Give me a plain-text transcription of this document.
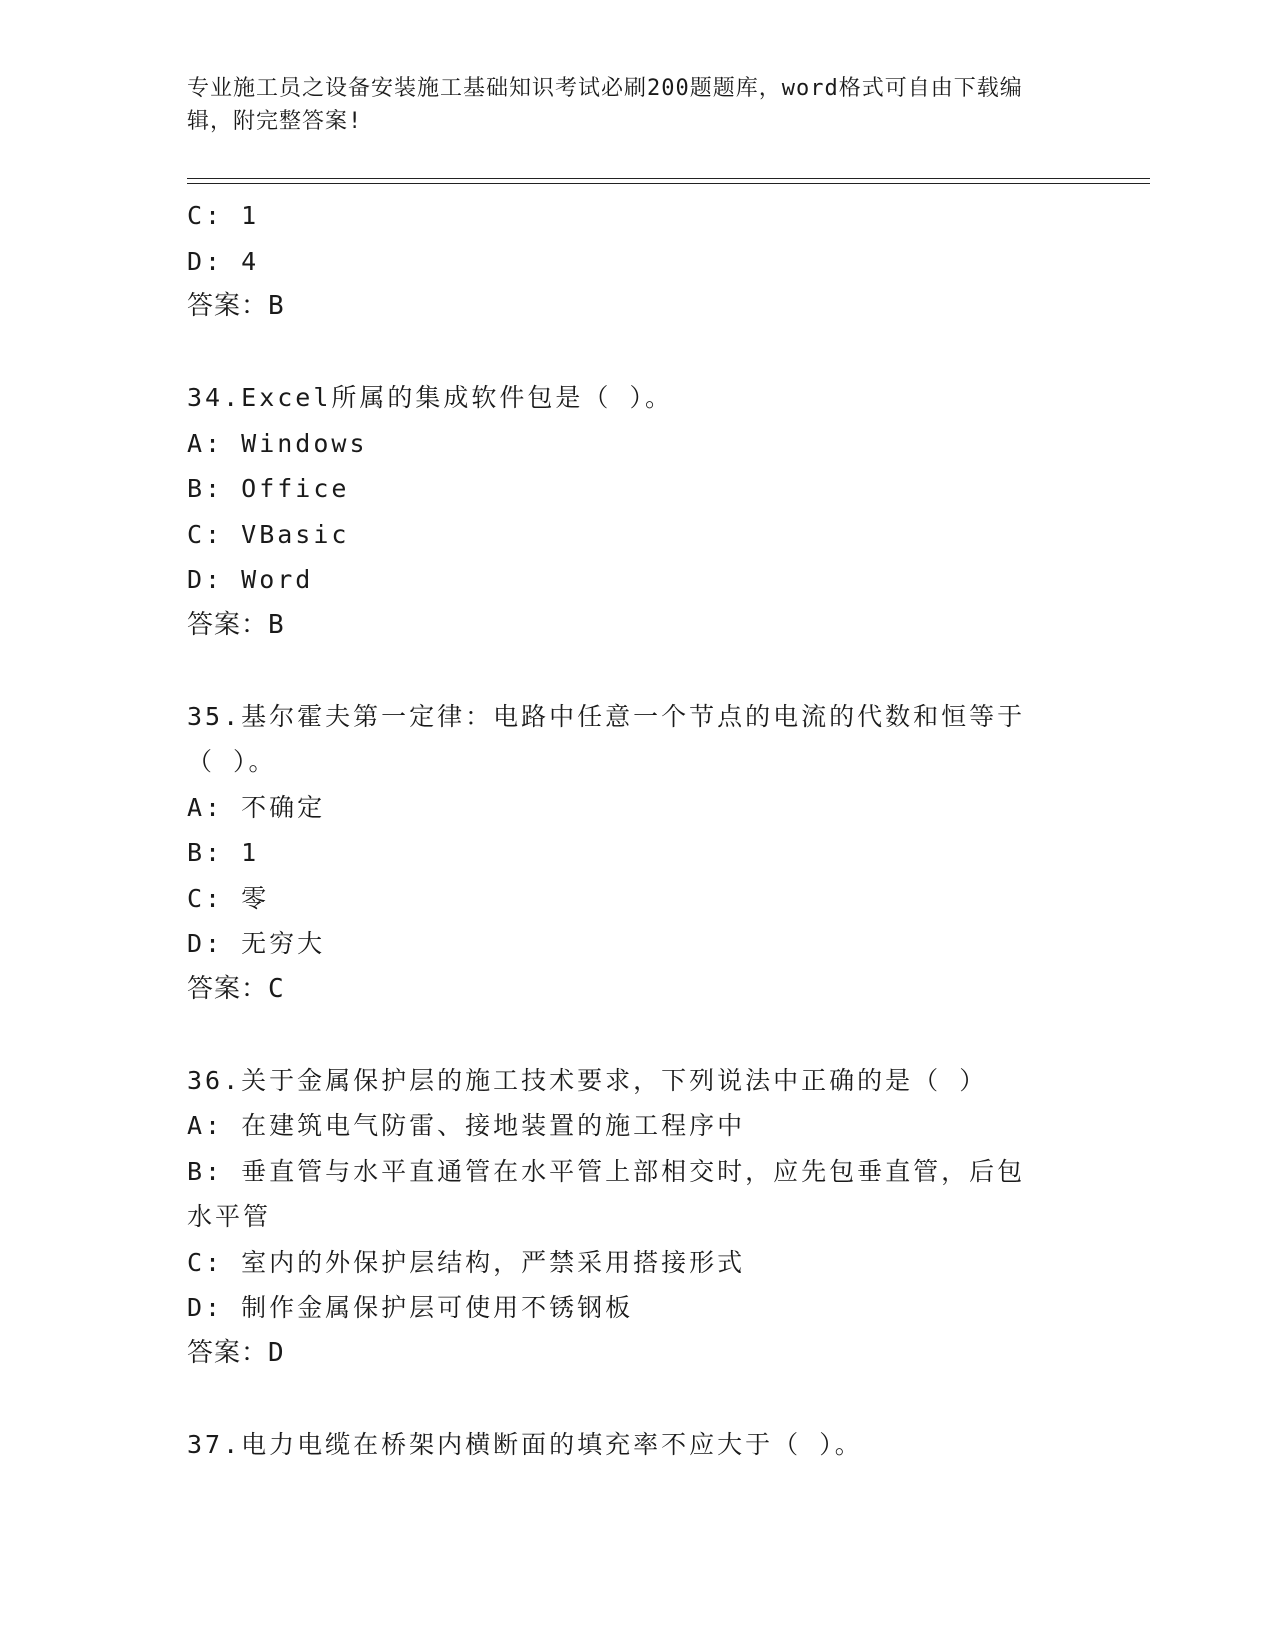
专业施工员之设备安装施工基础知识考试必刷200题题库，word格式可自由下载编辑，附完整答案!
C: 1
D: 4
答案：B
34.Excel所属的集成软件包是（ ）。
A: Windows
B: Office
C: VBasic
D: Word
答案：B
35.基尔霍夫第一定律：电路中任意一个节点的电流的代数和恒等于（ ）。
A: 不确定
B: 1
C: 零
D: 无穷大
答案：C
36.关于金属保护层的施工技术要求，下列说法中正确的是（ ）
A: 在建筑电气防雷、接地装置的施工程序中
B: 垂直管与水平直通管在水平管上部相交时，应先包垂直管，后包水平管
C: 室内的外保护层结构，严禁采用搭接形式
D: 制作金属保护层可使用不锈钢板
答案：D
37.电力电缆在桥架内横断面的填充率不应大于（ ）。
